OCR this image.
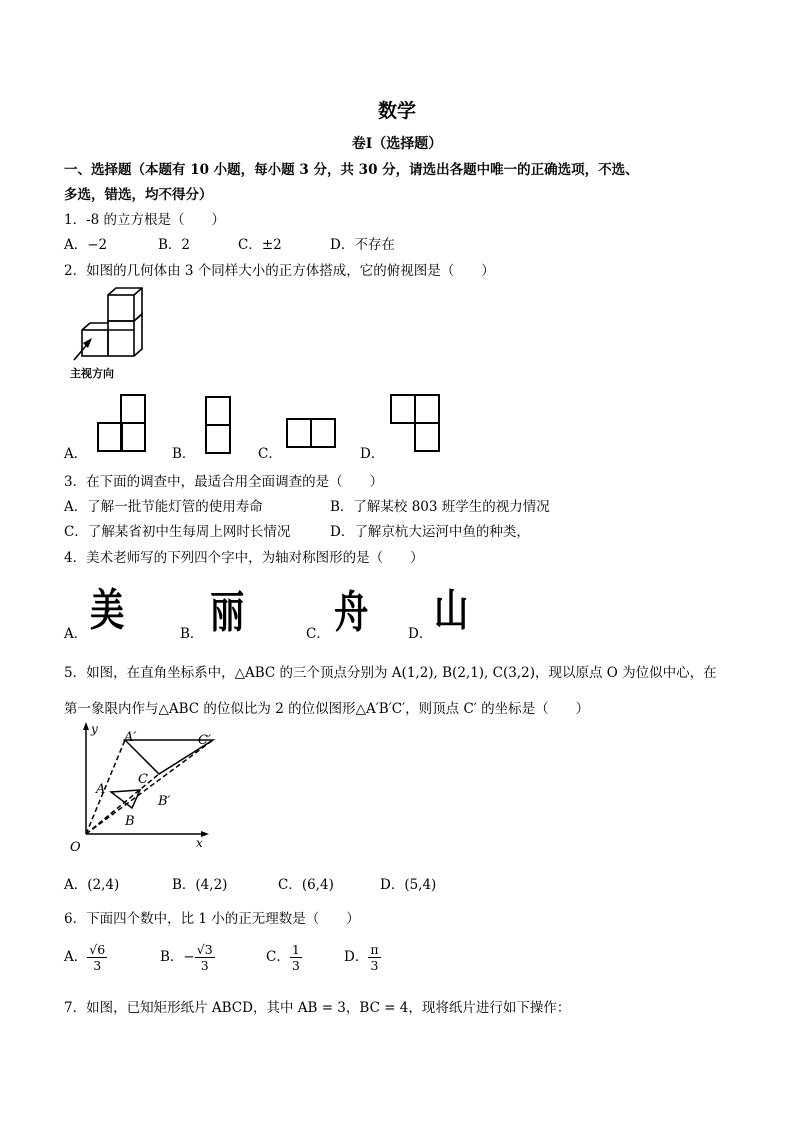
数学
卷Ⅰ（选择题）
一、选择题（本题有 10 小题，每小题 3 分，共 30 分，请选出各题中唯一的正确选项，不选、
多选，错选，均不得分）
1．-8 的立方根是（　　）
A．−2	B．2	C．±2	D．不存在
2．如图的几何体由 3 个同样大小的正方体搭成，它的俯视图是（　　）
主视方向
A．	B．	C．	D．
3．在下面的调查中，最适合用全面调查的是（　　）
A．了解一批节能灯管的使用寿命	B．了解某校 803 班学生的视力情况
C．了解某省初中生每周上网时长情况	D．了解京杭大运河中鱼的种类，
4．美术老师写的下列四个字中，为轴对称图形的是（　　）
A． 美	B． 丽	C． 舟	D． 山
5．如图，在直角坐标系中，△ABC 的三个顶点分别为 A(1,2), B(2,1), C(3,2)，现以原点 O 为位似中心，在
第一象限内作与△ABC 的位似比为 2 的位似图形△A′B′C′，则顶点 C′ 的坐标是（　　）
y
x
O
A
B
C
A′
B′
C′
A．(2,4)	B．(4,2)	C．(6,4)	D．(5,4)
6．下面四个数中，比 1 小的正无理数是（　　）
A． $\frac{√6}{3}$	B．− $\frac{√3}{3}$	C． $\frac{1}{3}$	D． $\frac{\pi}{3}$
7．如图，已知矩形纸片 ABCD，其中 AB = 3，BC = 4，现将纸片进行如下操作：
